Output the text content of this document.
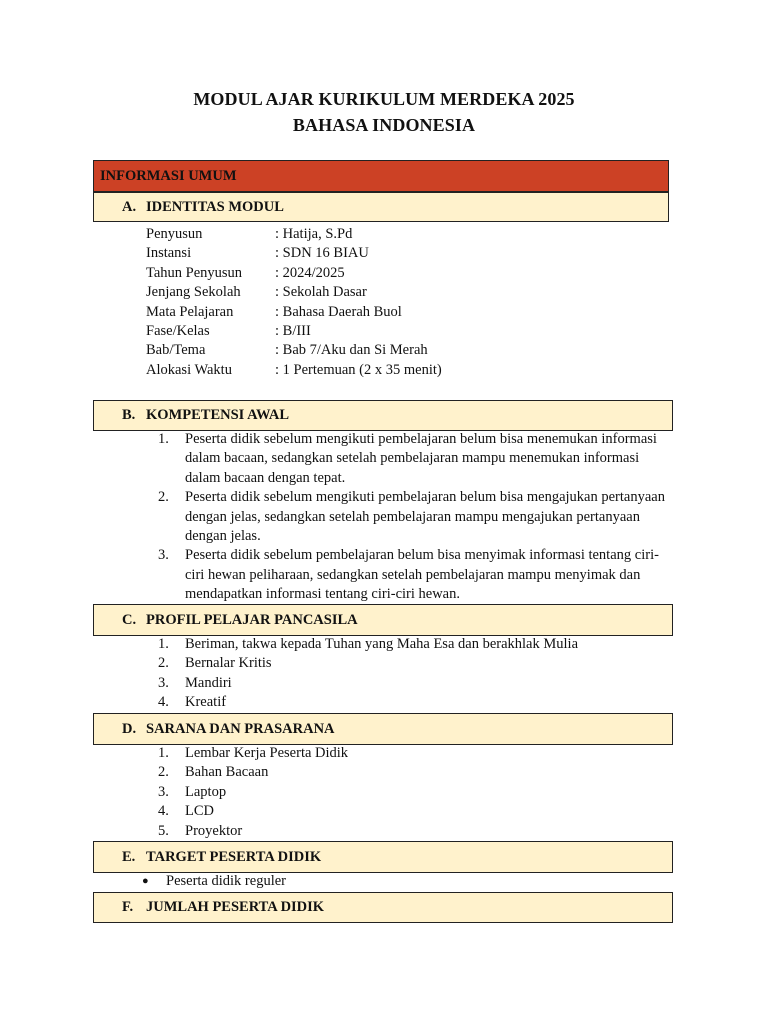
MODUL AJAR KURIKULUM MERDEKA 2025
BAHASA INDONESIA
INFORMASI UMUM
A. IDENTITAS MODUL
Penyusun	: Hatija, S.Pd
Instansi	: SDN 16 BIAU
Tahun Penyusun	: 2024/2025
Jenjang Sekolah	: Sekolah Dasar
Mata Pelajaran	: Bahasa Daerah Buol
Fase/Kelas	: B/III
Bab/Tema	: Bab 7/Aku dan Si Merah
Alokasi Waktu	: 1 Pertemuan (2 x 35 menit)
B. KOMPETENSI AWAL
1.	Peserta didik sebelum mengikuti pembelajaran belum bisa menemukan informasi dalam bacaan, sedangkan setelah pembelajaran mampu menemukan informasi dalam bacaan dengan tepat.
2.	Peserta didik sebelum mengikuti pembelajaran belum bisa mengajukan pertanyaan dengan jelas, sedangkan setelah pembelajaran mampu mengajukan pertanyaan dengan jelas.
3.	Peserta didik sebelum pembelajaran belum bisa menyimak informasi tentang ciri-ciri hewan peliharaan, sedangkan setelah pembelajaran mampu menyimak dan mendapatkan informasi tentang ciri-ciri hewan.
C. PROFIL PELAJAR PANCASILA
1.	Beriman, takwa kepada Tuhan yang Maha Esa dan berakhlak Mulia
2.	Bernalar Kritis
3.	Mandiri
4.	Kreatif
D. SARANA DAN PRASARANA
1.	Lembar Kerja Peserta Didik
2.	Bahan Bacaan
3.	Laptop
4.	LCD
5.	Proyektor
E. TARGET PESERTA DIDIK
●	Peserta didik reguler
F. JUMLAH PESERTA DIDIK
